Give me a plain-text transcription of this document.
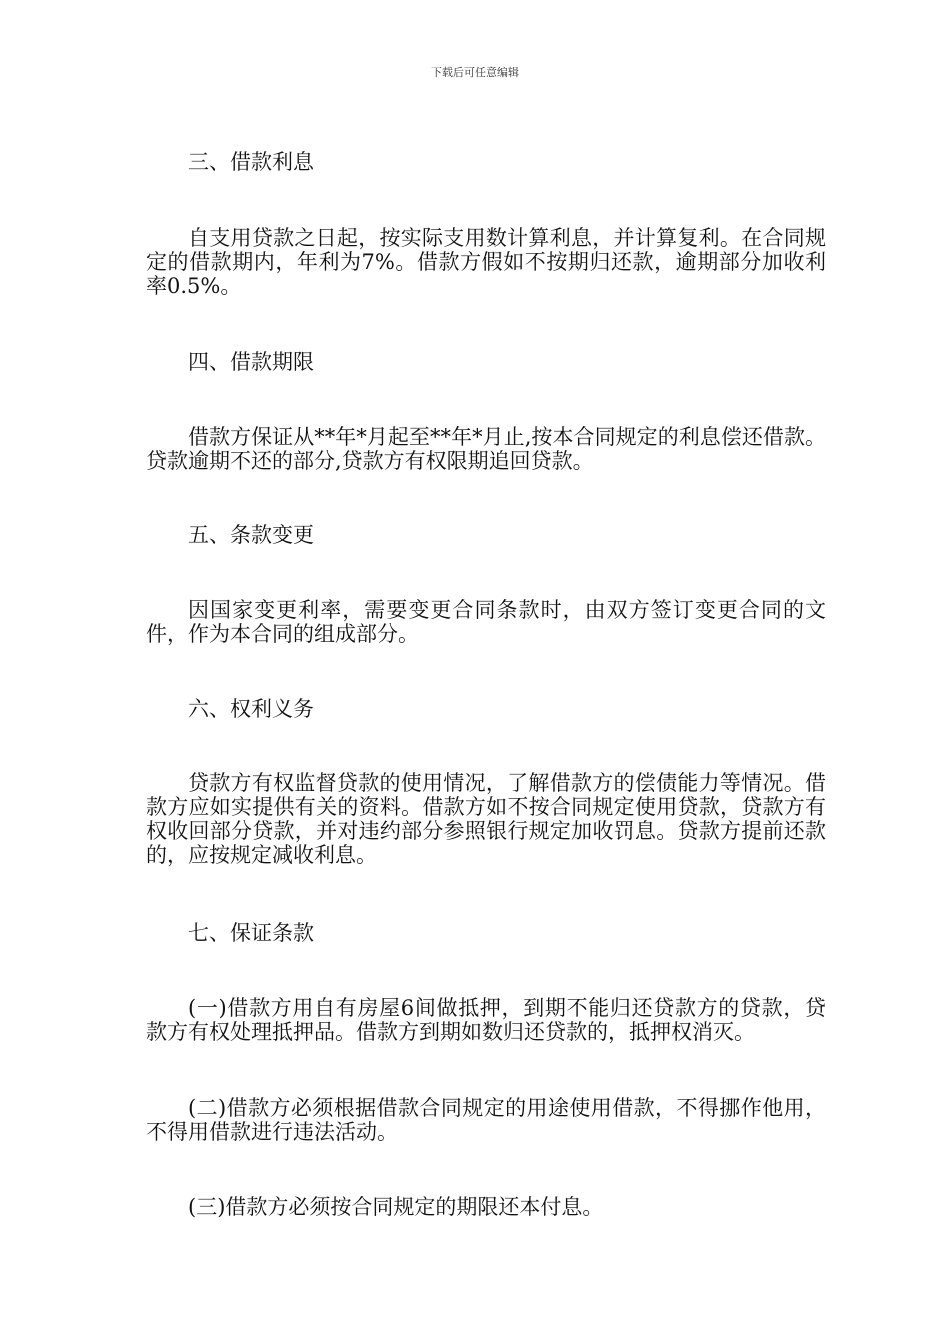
下载后可任意编辑
三、借款利息
自支用贷款之日起，按实际支用数计算利息，并计算复利。在合同规定的借款期内，年利为7%。借款方假如不按期归还款，逾期部分加收利率0.5%。
四、借款期限
借款方保证从**年*月起至**年*月止,按本合同规定的利息偿还借款。贷款逾期不还的部分,贷款方有权限期追回贷款。
五、条款变更
因国家变更利率，需要变更合同条款时，由双方签订变更合同的文件，作为本合同的组成部分。
六、权利义务
贷款方有权监督贷款的使用情况，了解借款方的偿债能力等情况。借款方应如实提供有关的资料。借款方如不按合同规定使用贷款，贷款方有权收回部分贷款，并对违约部分参照银行规定加收罚息。贷款方提前还款的，应按规定减收利息。
七、保证条款
(一)借款方用自有房屋6间做抵押，到期不能归还贷款方的贷款，贷款方有权处理抵押品。借款方到期如数归还贷款的，抵押权消灭。
(二)借款方必须根据借款合同规定的用途使用借款，不得挪作他用，不得用借款进行违法活动。
(三)借款方必须按合同规定的期限还本付息。
